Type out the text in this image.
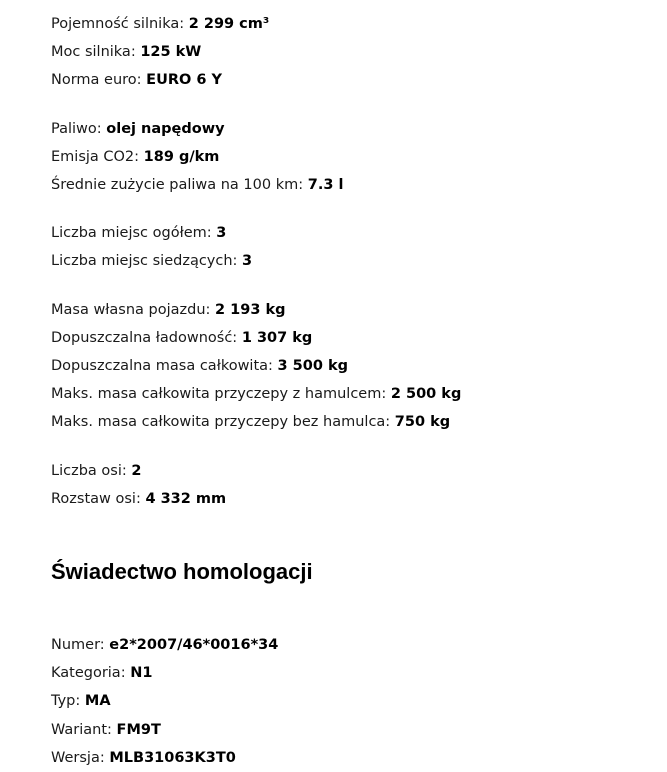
Pojemność silnika: 2 299 cm³
Moc silnika: 125 kW
Norma euro: EURO 6 Y
Paliwo: olej napędowy
Emisja CO2: 189 g/km
Średnie zużycie paliwa na 100 km: 7.3 l
Liczba miejsc ogółem: 3
Liczba miejsc siedzących: 3
Masa własna pojazdu: 2 193 kg
Dopuszczalna ładowność: 1 307 kg
Dopuszczalna masa całkowita: 3 500 kg
Maks. masa całkowita przyczepy z hamulcem: 2 500 kg
Maks. masa całkowita przyczepy bez hamulca: 750 kg
Liczba osi: 2
Rozstaw osi: 4 332 mm
Świadectwo homologacji
Numer: e2*2007/46*0016*34
Kategoria: N1
Typ: MA
Wariant: FM9T
Wersja: MLB31063K3T0
